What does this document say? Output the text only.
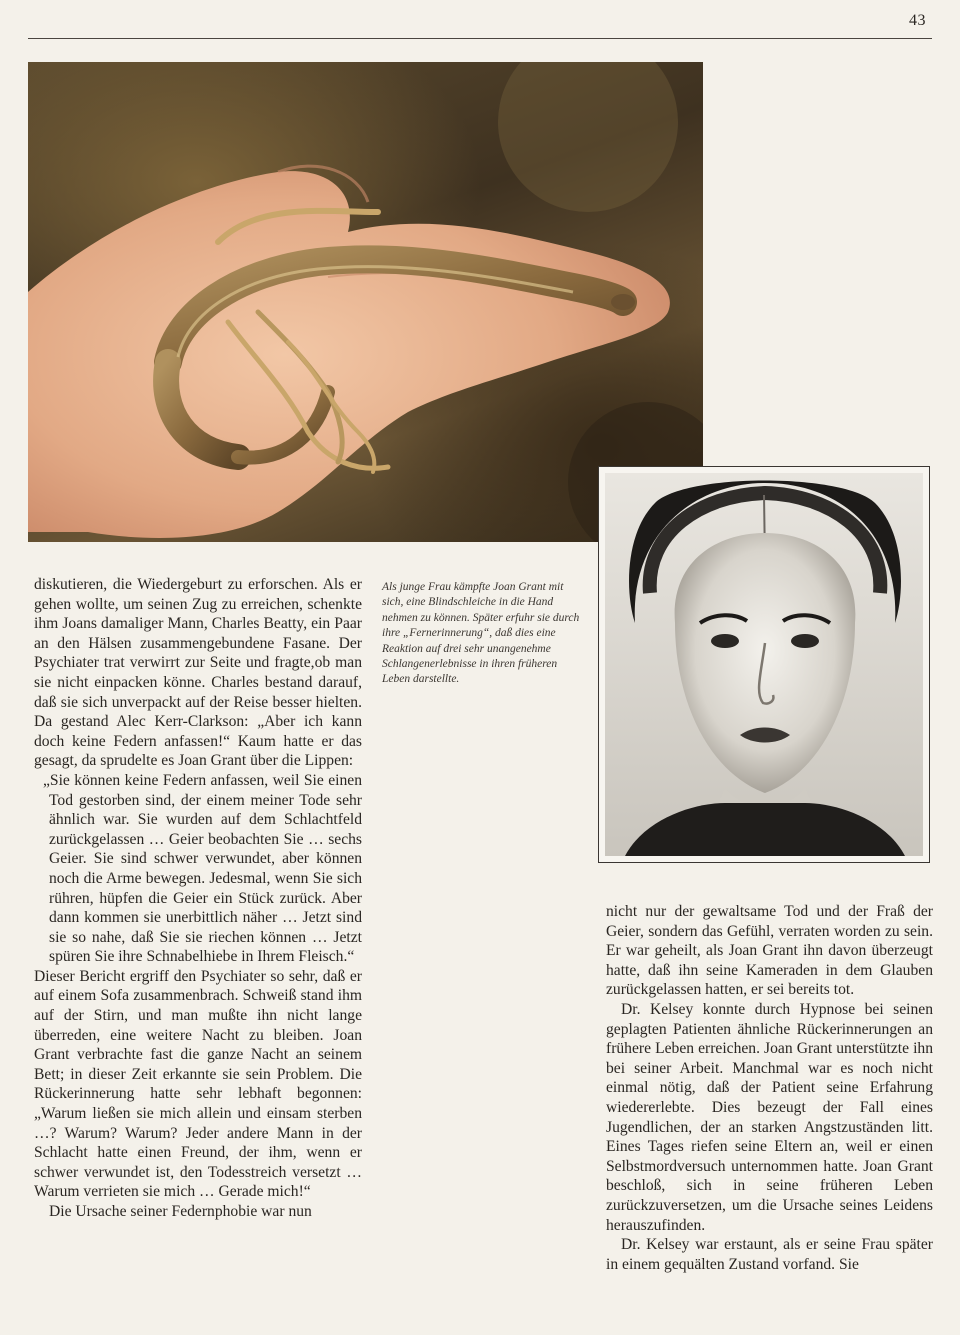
43
Als junge Frau kämpfte Joan Grant mit sich, eine Blindschleiche in die Hand nehmen zu können. Später erfuhr sie durch ihre „Fernerinnerung“, daß dies eine Reaktion auf drei sehr unangenehme Schlangenerlebnisse in ihren früheren Leben darstellte.

diskutieren, die Wiedergeburt zu erforschen. Als er gehen wollte, um seinen Zug zu erreichen, schenkte ihm Joans damaliger Mann, Charles Beatty, ein Paar an den Hälsen zusammengebundene Fasane. Der Psychiater trat verwirrt zur Seite und fragte,ob man sie nicht einpacken könne. Charles bestand darauf, daß sie sich unverpackt auf der Reise besser hielten. Da gestand Alec Kerr-Clarkson: „Aber ich kann doch keine Federn anfassen!“ Kaum hatte er das gesagt, da sprudelte es Joan Grant über die Lippen:

„Sie können keine Federn anfassen, weil Sie einen Tod gestorben sind, der einem meiner Tode sehr ähnlich war. Sie wurden auf dem Schlachtfeld zurückgelassen … Geier beobachten Sie … sechs Geier. Sie sind schwer verwundet, aber können noch die Arme bewegen. Jedesmal, wenn Sie sich rühren, hüpfen die Geier ein Stück zurück. Aber dann kommen sie unerbittlich näher … Jetzt sind sie so nahe, daß Sie sie riechen können … Jetzt spüren Sie ihre Schnabelhiebe in Ihrem Fleisch.“

Dieser Bericht ergriff den Psychiater so sehr, daß er auf einem Sofa zusammenbrach. Schweiß stand ihm auf der Stirn, und man mußte ihn nicht lange überreden, eine weitere Nacht zu bleiben. Joan Grant verbrachte fast die ganze Nacht an seinem Bett; in dieser Zeit erkannte sie sein Problem. Die Rückerinnerung hatte sehr lebhaft begonnen: „Warum ließen sie mich allein und einsam sterben …? Warum? Warum? Jeder andere Mann in der Schlacht hatte einen Freund, der ihm, wenn er schwer verwundet ist, den Todesstreich versetzt … Warum verrieten sie mich … Gerade mich!“

Die Ursache seiner Federnphobie war nun

nicht nur der gewaltsame Tod und der Fraß der Geier, sondern das Gefühl, verraten worden zu sein. Er war geheilt, als Joan Grant ihn davon überzeugt hatte, daß ihn seine Kameraden in dem Glauben zurückgelassen hatten, er sei bereits tot.

Dr. Kelsey konnte durch Hypnose bei seinen geplagten Patienten ähnliche Rückerinnerungen an frühere Leben erreichen. Joan Grant unterstützte ihn bei seiner Arbeit. Manchmal war es noch nicht einmal nötig, daß der Patient seine Erfahrung wiedererlebte. Dies bezeugt der Fall eines Jugendlichen, der an starken Angstzuständen litt. Eines Tages riefen seine Eltern an, weil er einen Selbstmordversuch unternommen hatte. Joan Grant beschloß, sich in seine früheren Leben zurückzuversetzen, um die Ursache seines Leidens herauszufinden.

Dr. Kelsey war erstaunt, als er seine Frau später in einem gequälten Zustand vorfand. Sie
